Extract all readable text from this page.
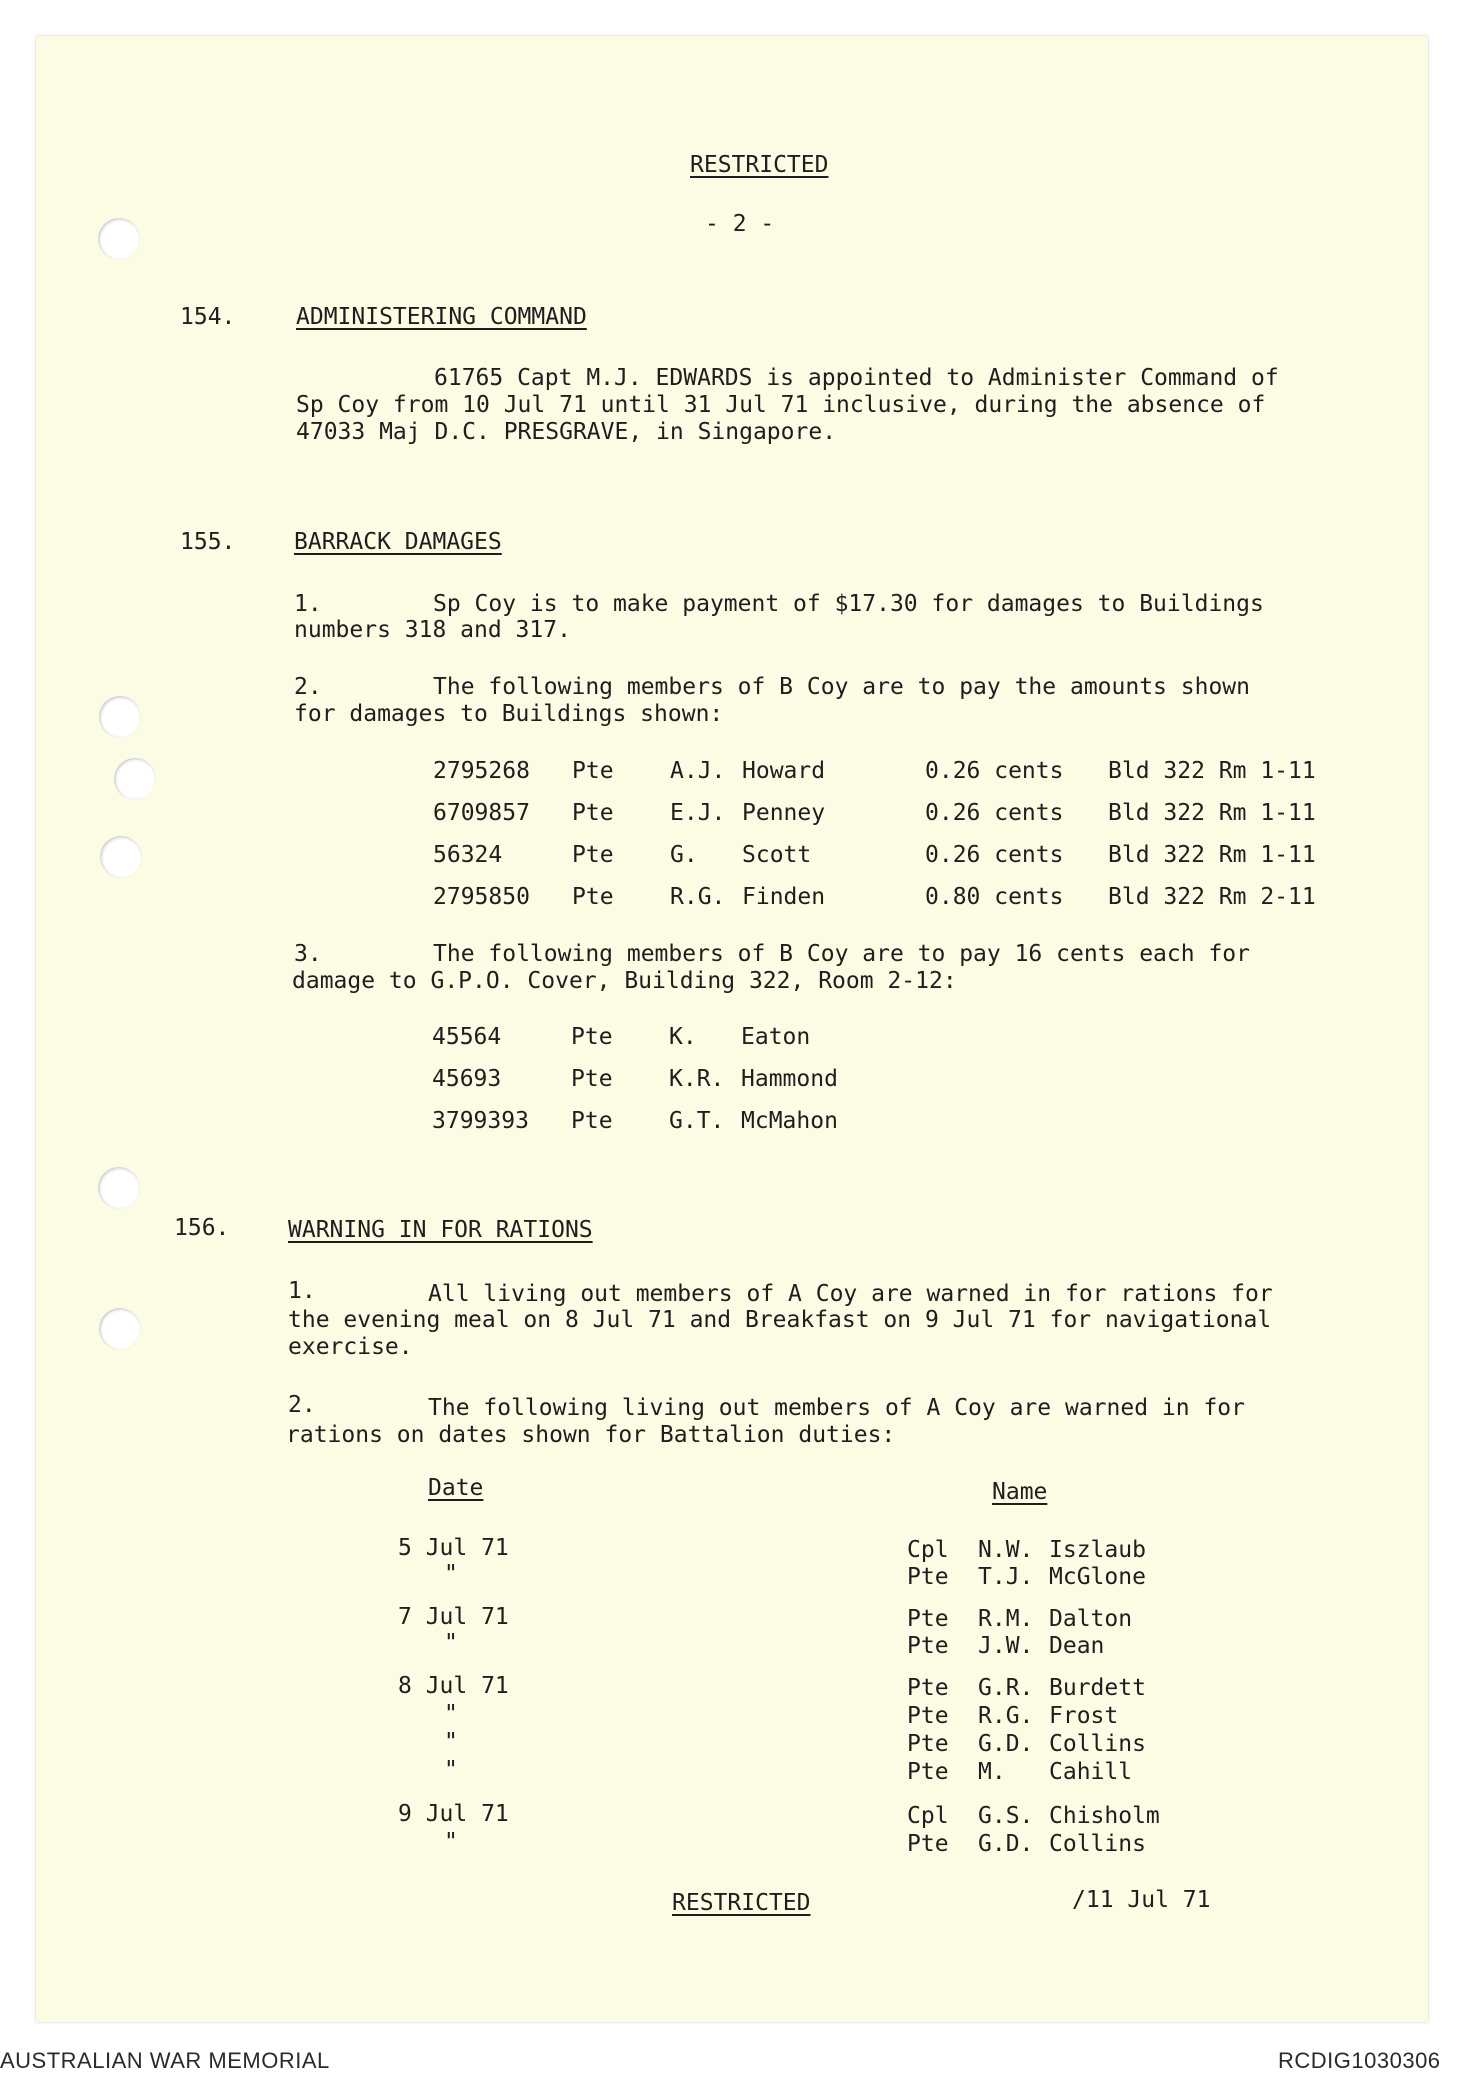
RESTRICTED
- 2 -
154.	ADMINISTERING COMMAND
61765 Capt M.J. EDWARDS is appointed to Administer Command of
Sp Coy from 10 Jul 71 until 31 Jul 71 inclusive, during the absence of
47033 Maj D.C. PRESGRAVE, in Singapore.
155.	BARRACK DAMAGES
1.	Sp Coy is to make payment of $17.30 for damages to Buildings
numbers 318 and 317.
2.	The following members of B Coy are to pay the amounts shown
for damages to Buildings shown:
2795268 Pte A.J. Howard	0.26 cents Bld 322 Rm 1-11
6709857 Pte E.J. Penney	0.26 cents Bld 322 Rm 1-11
56324	Pte G. Scott	0.26 cents Bld 322 Rm 1-11
2795850 Pte R.G. Finden	0.80 cents Bld 322 Rm 2-11
3.	The following members of B Coy are to pay 16 cents each for
damage to G.P.O. Cover, Building 322, Room 2-12:
45564	Pte K. Eaton
45693	Pte K.R. Hammond
3799393 Pte G.T. McMahon
156.	WARNING IN FOR RATIONS
1.	All living out members of A Coy are warned in for rations for
the evening meal on 8 Jul 71 and Breakfast on 9 Jul 71 for navigational
exercise.
2.	The following living out members of A Coy are warned in for
rations on dates shown for Battalion duties:
Date	Name
5 Jul 71	Cpl N.W. Iszlaub
"	Pte T.J. McGlone
7 Jul 71	Pte R.M. Dalton
"	Pte J.W. Dean
8 Jul 71	Pte G.R. Burdett
"	Pte R.G. Frost
"	Pte G.D. Collins
"	Pte M. Cahill
9 Jul 71	Cpl G.S. Chisholm
"	Pte G.D. Collins
RESTRICTED	/11 Jul 71
AUSTRALIAN WAR MEMORIAL	RCDIG1030306
